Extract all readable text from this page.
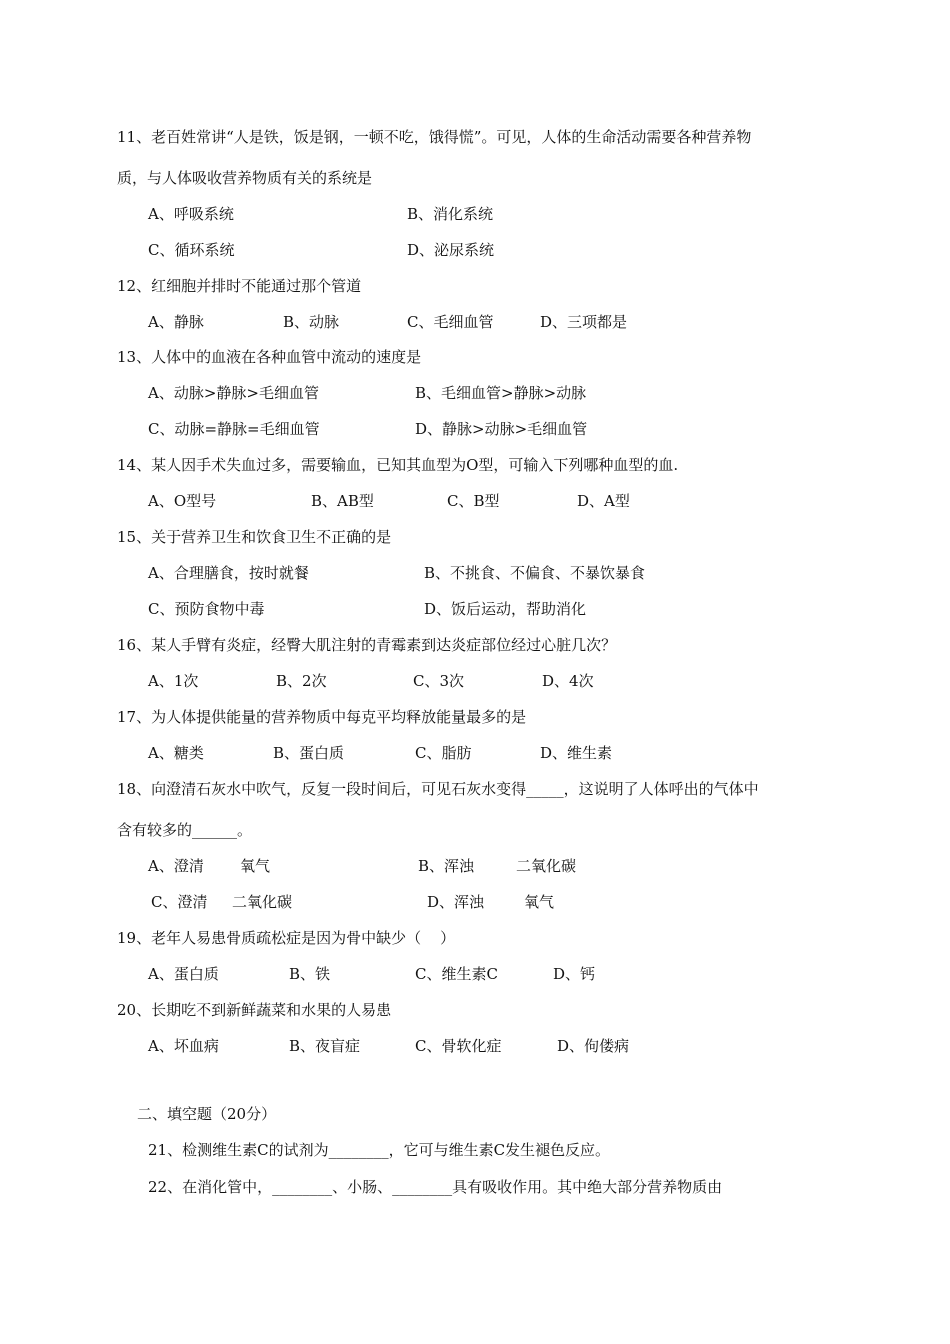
11、老百姓常讲“人是铁，饭是钢，一顿不吃，饿得慌”。可见，人体的生命活动需要各种营养物
质，与人体吸收营养物质有关的系统是
A、呼吸系统	B、消化系统
C、循环系统	D、泌尿系统
12、红细胞并排时不能通过那个管道
A、静脉	B、动脉	C、毛细血管	D、三项都是
13、人体中的血液在各种血管中流动的速度是
A、动脉>静脉>毛细血管	B、毛细血管>静脉>动脉
C、动脉=静脉=毛细血管	D、静脉>动脉>毛细血管
14、某人因手术失血过多，需要输血，已知其血型为O型，可输入下列哪种血型的血.
A、O型号	B、AB型	C、B型	D、A型
15、关于营养卫生和饮食卫生不正确的是
A、合理膳食，按时就餐	B、不挑食、不偏食、不暴饮暴食
C、预防食物中毒	D、饭后运动，帮助消化
16、某人手臂有炎症，经臀大肌注射的青霉素到达炎症部位经过心脏几次？
A、1次	B、2次	C、3次	D、4次
17、为人体提供能量的营养物质中每克平均释放能量最多的是
A、糖类	B、蛋白质	C、脂肪	D、维生素
18、向澄清石灰水中吹气，反复一段时间后，可见石灰水变得_____，这说明了人体呼出的气体中
含有较多的______。
A、澄清 氧气	B、浑浊	二氧化碳
C、澄清 二氧化碳	D、浑浊	氧气
19、老年人易患骨质疏松症是因为骨中缺少（    ）
A、蛋白质	B、铁	C、维生素C	D、钙
20、长期吃不到新鲜蔬菜和水果的人易患
A、坏血病	B、夜盲症	C、骨软化症	D、佝偻病
二、填空题（20分）
21、检测维生素C的试剂为________，它可与维生素C发生褪色反应。
22、在消化管中，________、小肠、________具有吸收作用。其中绝大部分营养物质由
